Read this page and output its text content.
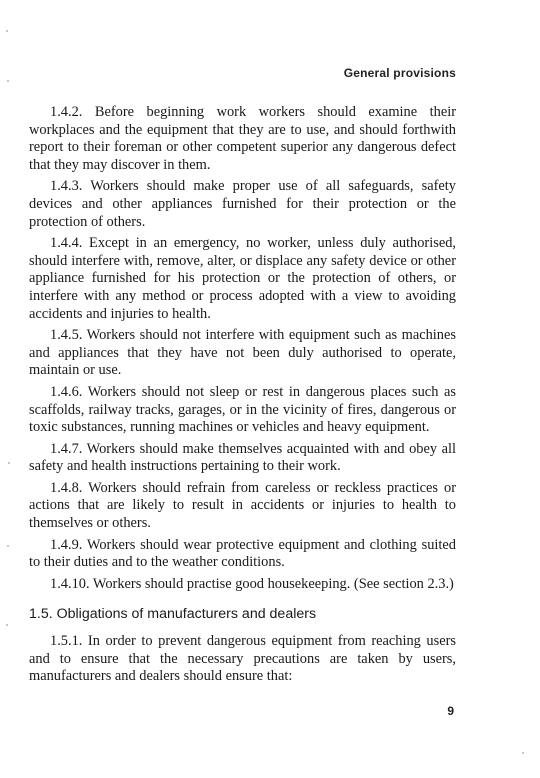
General provisions

1.4.2. Before beginning work workers should examine their workplaces and the equipment that they are to use, and should forthwith report to their foreman or other competent superior any dangerous defect that they may discover in them.

1.4.3. Workers should make proper use of all safeguards, safety devices and other appliances furnished for their protection or the protection of others.

1.4.4. Except in an emergency, no worker, unless duly authorised, should interfere with, remove, alter, or displace any safety device or other appliance furnished for his protection or the protection of others, or interfere with any method or process adopted with a view to avoiding accidents and injuries to health.

1.4.5. Workers should not interfere with equipment such as machines and appliances that they have not been duly authorised to operate, maintain or use.

1.4.6. Workers should not sleep or rest in dangerous places such as scaffolds, railway tracks, garages, or in the vicinity of fires, dangerous or toxic substances, running machines or vehicles and heavy equipment.

1.4.7. Workers should make themselves acquainted with and obey all safety and health instructions pertaining to their work.

1.4.8. Workers should refrain from careless or reckless practices or actions that are likely to result in accidents or injuries to health to themselves or others.

1.4.9. Workers should wear protective equipment and clothing suited to their duties and to the weather conditions.

1.4.10. Workers should practise good housekeeping. (See section 2.3.)

1.5. Obligations of manufacturers and dealers

1.5.1. In order to prevent dangerous equipment from reaching users and to ensure that the necessary precautions are taken by users, manufacturers and dealers should ensure that:

9
